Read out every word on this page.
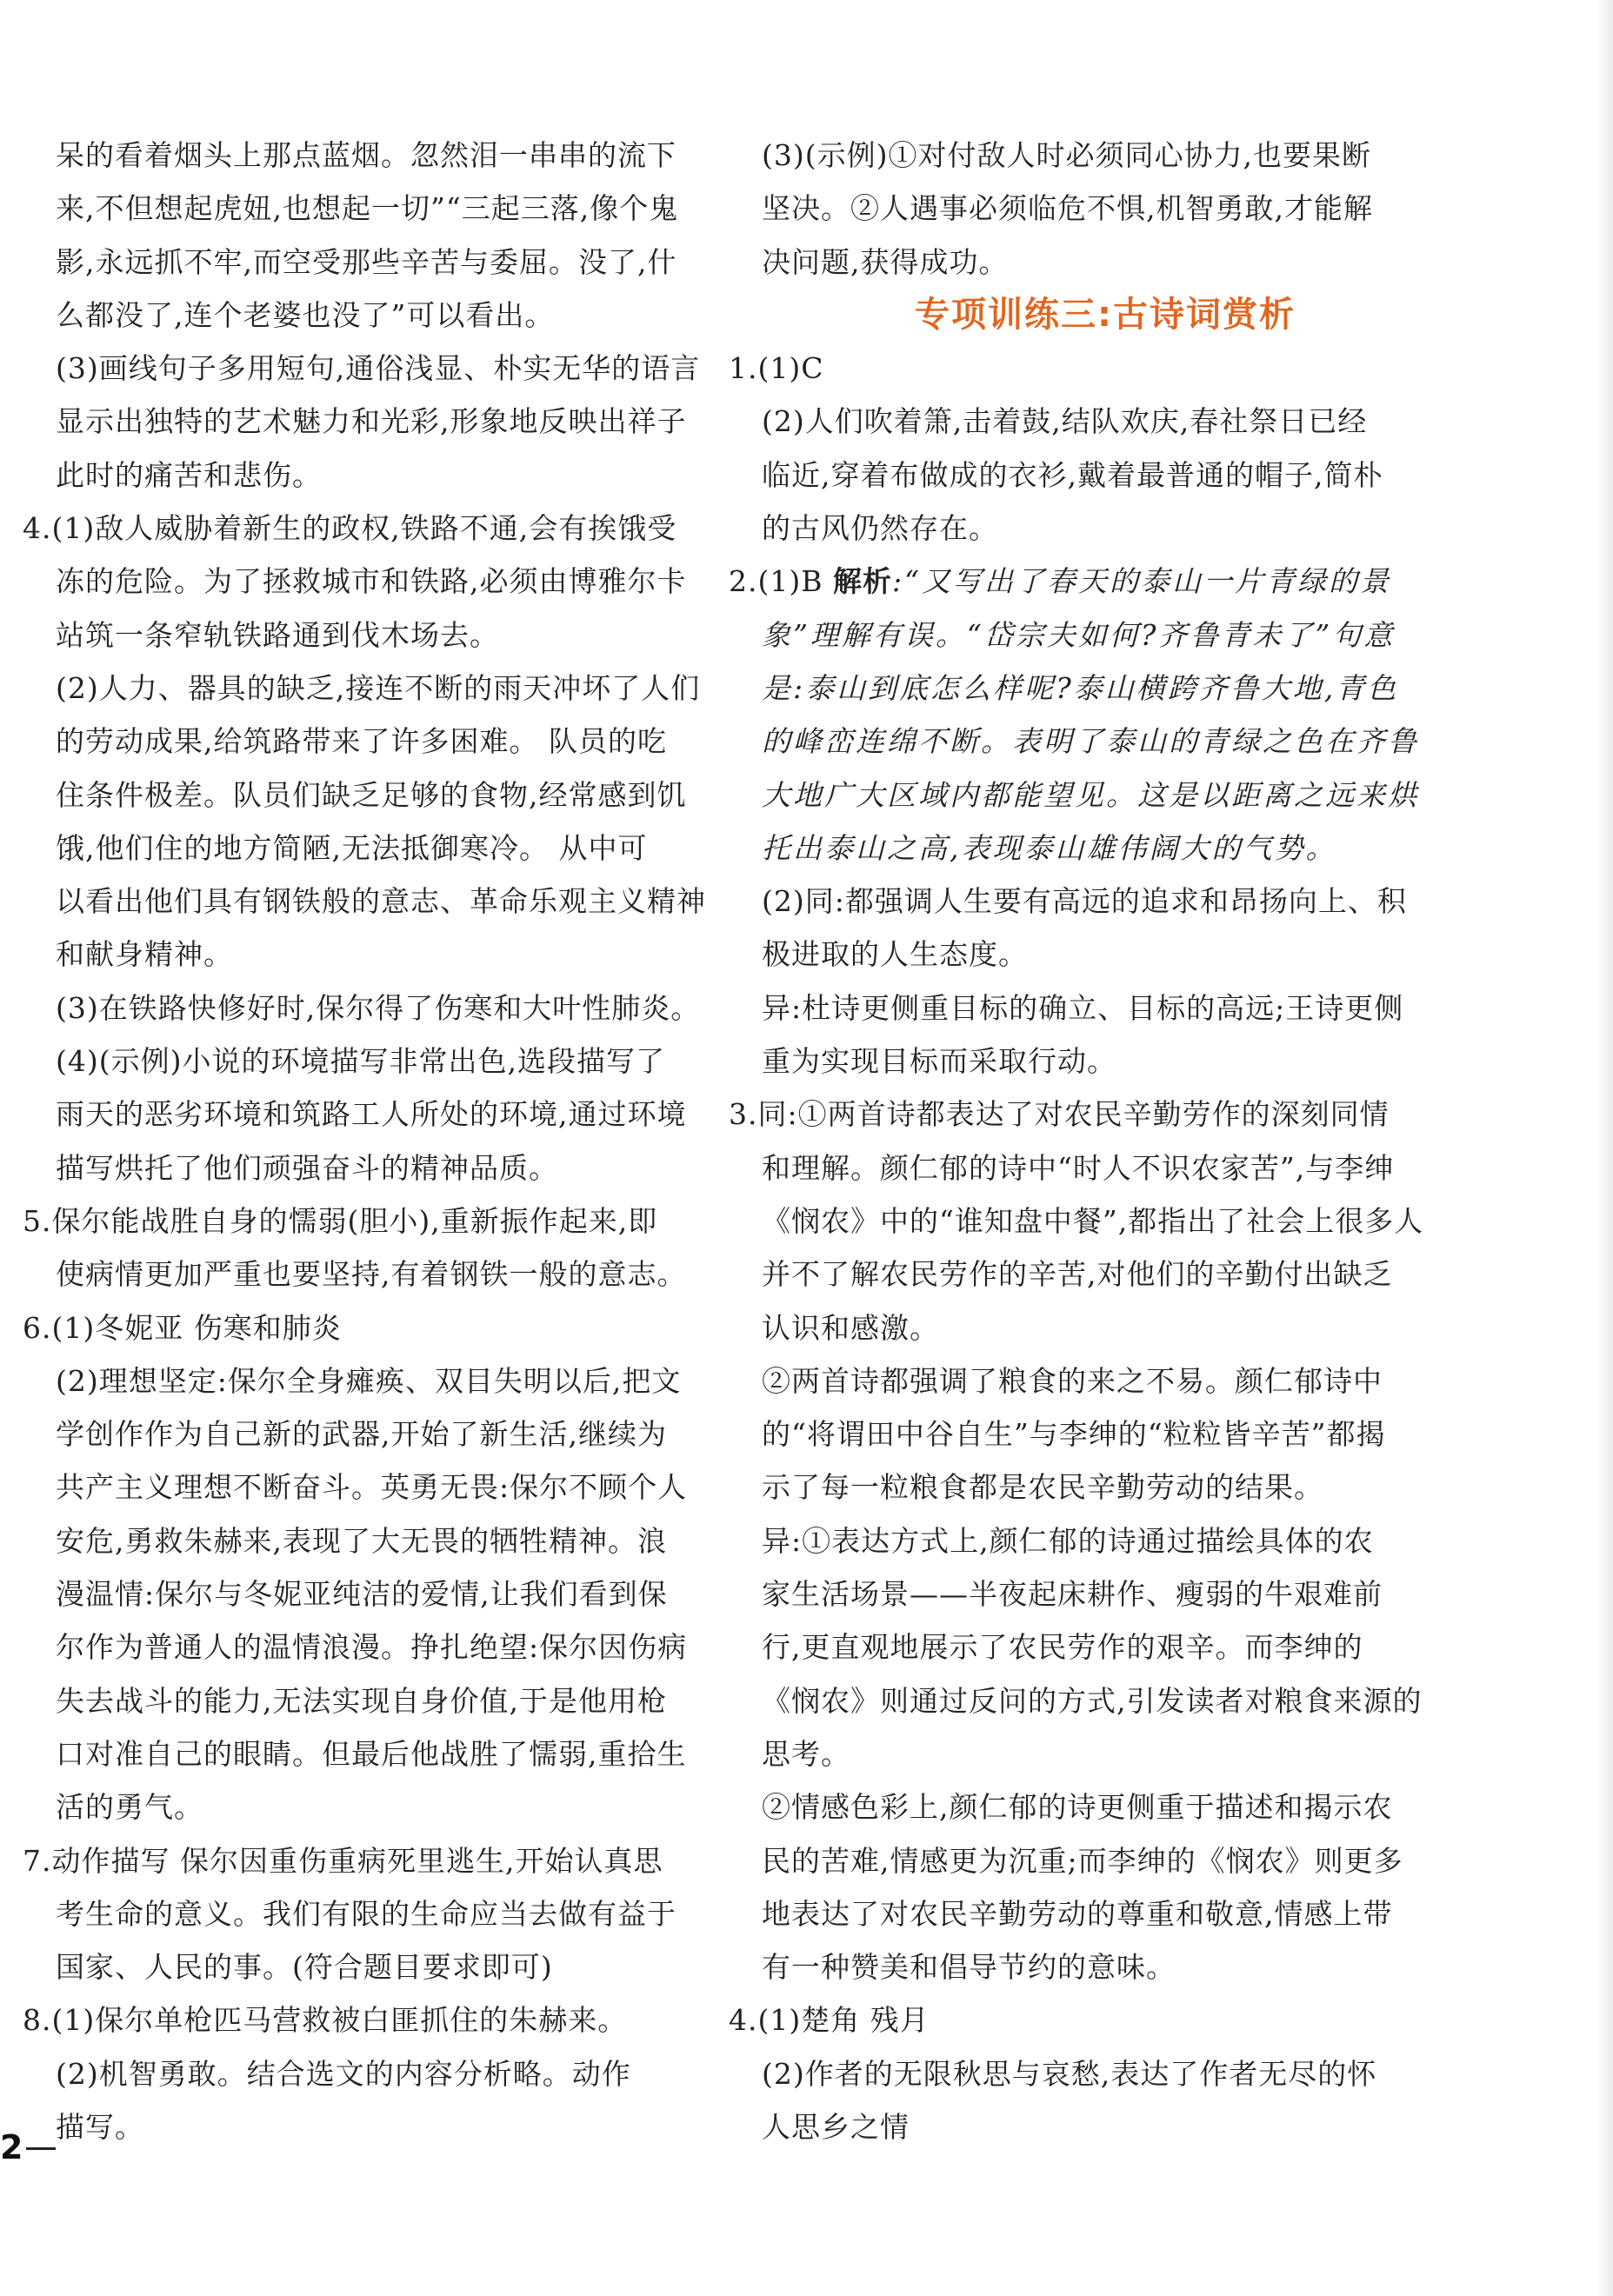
呆的看着烟头上那点蓝烟。忽然泪一串串的流下
来,不但想起虎妞,也想起一切”“三起三落,像个鬼
影,永远抓不牢,而空受那些辛苦与委屈。没了,什
么都没了,连个老婆也没了”可以看出。
(3)画线句子多用短句,通俗浅显、朴实无华的语言
显示出独特的艺术魅力和光彩,形象地反映出祥子
此时的痛苦和悲伤。
4.(1)敌人威胁着新生的政权,铁路不通,会有挨饿受
冻的危险。为了拯救城市和铁路,必须由博雅尔卡
站筑一条窄轨铁路通到伐木场去。
(2)人力、器具的缺乏,接连不断的雨天冲坏了人们
的劳动成果,给筑路带来了许多困难。 队员的吃
住条件极差。队员们缺乏足够的食物,经常感到饥
饿,他们住的地方简陋,无法抵御寒冷。 从中可
以看出他们具有钢铁般的意志、革命乐观主义精神
和献身精神。
(3)在铁路快修好时,保尔得了伤寒和大叶性肺炎。
(4)(示例)小说的环境描写非常出色,选段描写了
雨天的恶劣环境和筑路工人所处的环境,通过环境
描写烘托了他们顽强奋斗的精神品质。
5.保尔能战胜自身的懦弱(胆小),重新振作起来,即
使病情更加严重也要坚持,有着钢铁一般的意志。
6.(1)冬妮亚 伤寒和肺炎
(2)理想坚定:保尔全身瘫痪、双目失明以后,把文
学创作作为自己新的武器,开始了新生活,继续为
共产主义理想不断奋斗。英勇无畏:保尔不顾个人
安危,勇救朱赫来,表现了大无畏的牺牲精神。浪
漫温情:保尔与冬妮亚纯洁的爱情,让我们看到保
尔作为普通人的温情浪漫。挣扎绝望:保尔因伤病
失去战斗的能力,无法实现自身价值,于是他用枪
口对准自己的眼睛。但最后他战胜了懦弱,重拾生
活的勇气。
7.动作描写 保尔因重伤重病死里逃生,开始认真思
考生命的意义。我们有限的生命应当去做有益于
国家、人民的事。(符合题目要求即可)
8.(1)保尔单枪匹马营救被白匪抓住的朱赫来。
(2)机智勇敢。结合选文的内容分析略。动作
描写。
(3)(示例)①对付敌人时必须同心协力,也要果断
坚决。②人遇事必须临危不惧,机智勇敢,才能解
决问题,获得成功。
专项训练三:古诗词赏析
1.(1)C
(2)人们吹着箫,击着鼓,结队欢庆,春社祭日已经
临近,穿着布做成的衣衫,戴着最普通的帽子,简朴
的古风仍然存在。
2.(1)B 解析:“又写出了春天的泰山一片青绿的景
象”理解有误。“岱宗夫如何?齐鲁青未了”句意
是:泰山到底怎么样呢?泰山横跨齐鲁大地,青色
的峰峦连绵不断。表明了泰山的青绿之色在齐鲁
大地广大区域内都能望见。这是以距离之远来烘
托出泰山之高,表现泰山雄伟阔大的气势。
(2)同:都强调人生要有高远的追求和昂扬向上、积
极进取的人生态度。
异:杜诗更侧重目标的确立、目标的高远;王诗更侧
重为实现目标而采取行动。
3.同:①两首诗都表达了对农民辛勤劳作的深刻同情
和理解。颜仁郁的诗中“时人不识农家苦”,与李绅
《悯农》中的“谁知盘中餐”,都指出了社会上很多人
并不了解农民劳作的辛苦,对他们的辛勤付出缺乏
认识和感激。
②两首诗都强调了粮食的来之不易。颜仁郁诗中
的“将谓田中谷自生”与李绅的“粒粒皆辛苦”都揭
示了每一粒粮食都是农民辛勤劳动的结果。
异:①表达方式上,颜仁郁的诗通过描绘具体的农
家生活场景——半夜起床耕作、瘦弱的牛艰难前
行,更直观地展示了农民劳作的艰辛。而李绅的
《悯农》则通过反问的方式,引发读者对粮食来源的
思考。
②情感色彩上,颜仁郁的诗更侧重于描述和揭示农
民的苦难,情感更为沉重;而李绅的《悯农》则更多
地表达了对农民辛勤劳动的尊重和敬意,情感上带
有一种赞美和倡导节约的意味。
4.(1)楚角 残月
(2)作者的无限秋思与哀愁,表达了作者无尽的怀
人思乡之情
2
